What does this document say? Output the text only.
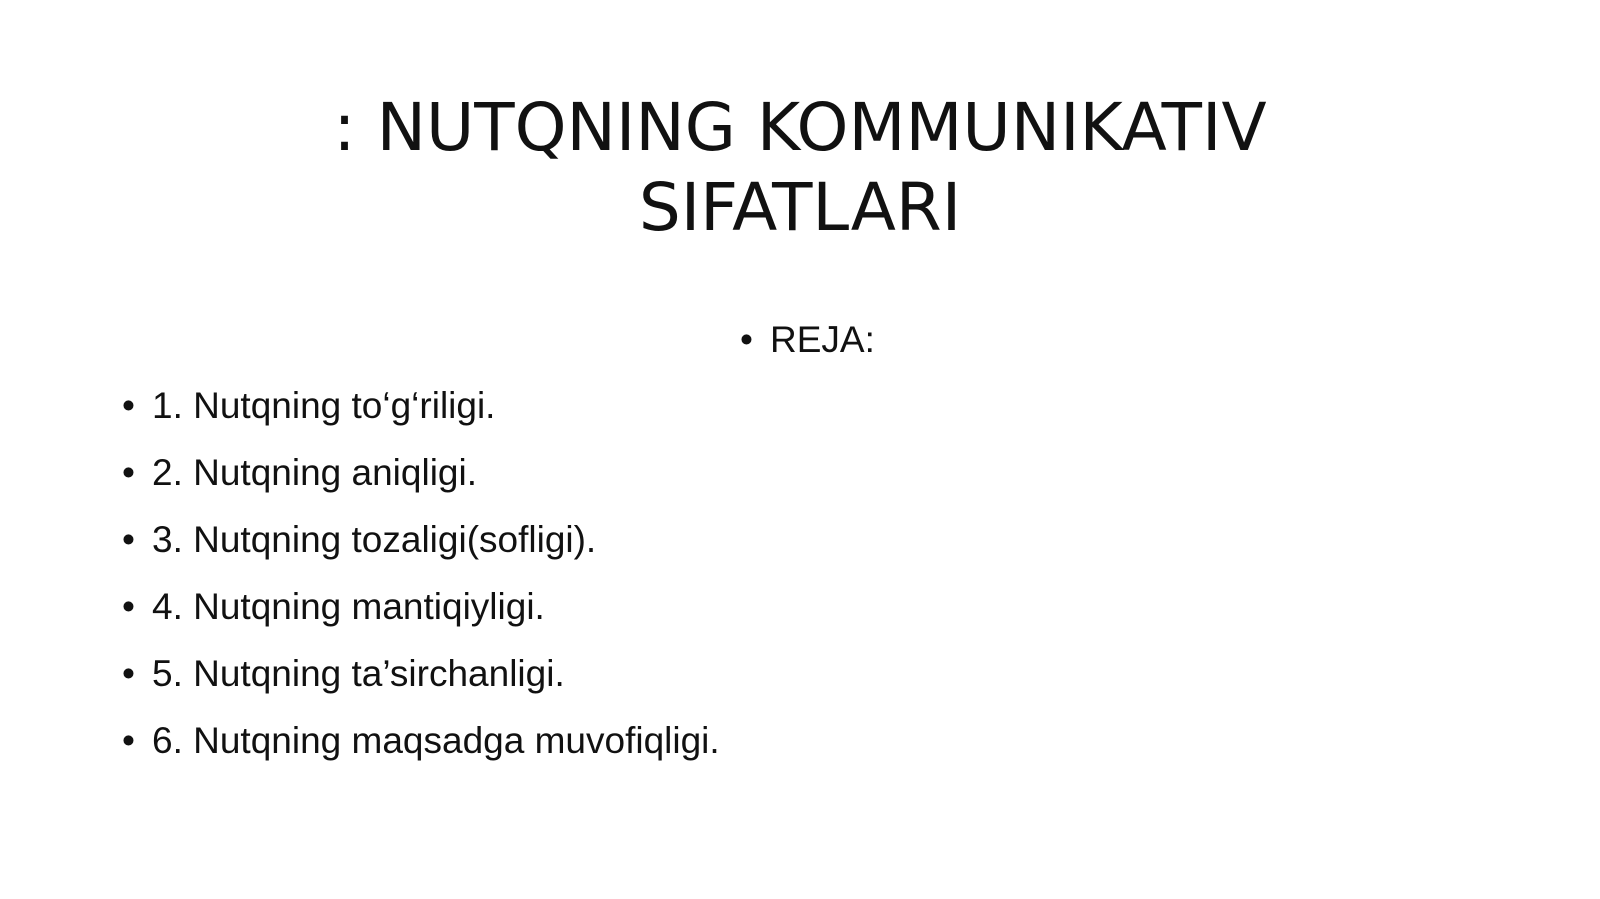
: NUTQNING KOMMUNIKATIV
SIFATLARI
• REJA:
• 1. Nutqning to‘g‘riligi.
• 2. Nutqning aniqligi.
• 3. Nutqning tozaligi(sofligi).
• 4. Nutqning mantiqiyligi.
• 5. Nutqning ta’sirchanligi.
• 6. Nutqning maqsadga muvofiqligi.
